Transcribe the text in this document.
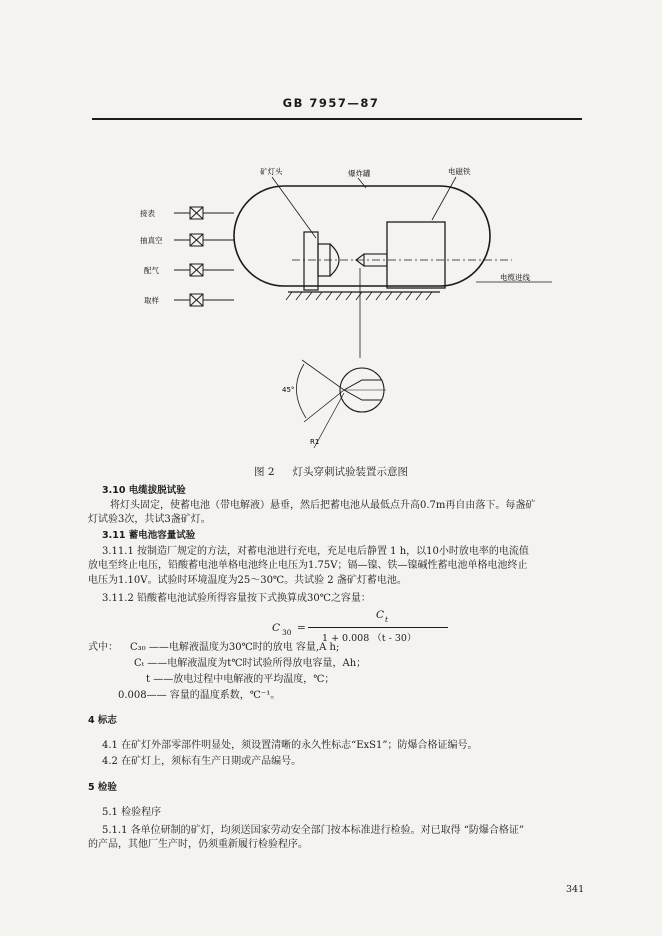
GB 7957—87
接表
抽真空
配气
取样
矿灯头	爆炸罐	电磁铁
电缆进线
45°
R1
图 2 灯头穿刺试验装置示意图
3.10 电缆拔脱试验
将灯头固定，使蓄电池（带电解液）悬垂，然后把蓄电池从最低点升高0.7m再自由落下。每盏矿
灯试验3次，共试3盏矿灯。
3.11 蓄电池容量试验
3.11.1 按制造厂规定的方法，对蓄电池进行充电，充足电后静置 1 h，以10小时放电率的电流值
放电至终止电压，铅酸蓄电池单格电池终止电压为1.75V；镉—镍、铁—镍碱性蓄电池单格电池终止
电压为1.10V。试验时环境温度为25～30℃。共试验 2 盏矿灯蓄电池。
3.11.2 铅酸蓄电池试验所得容量按下式换算成30℃之容量：
C 30 =
C t
1 + 0.008 （t - 30）
式中： C₃₀ ——电解液温度为30℃时的放电 容量,A h;
Cₜ ——电解液温度为t℃时试验所得放电容量，Ah；
t ——放电过程中电解液的平均温度，℃；
0.008—— 容量的温度系数，℃⁻¹。
4 标志
4.1 在矿灯外部零部件明显处，须设置清晰的永久性标志“ExS1”；防爆合格证编号。
4.2 在矿灯上，须标有生产日期或产品编号。
5 检验
5.1 检验程序
5.1.1 各单位研制的矿灯，均须送国家劳动安全部门按本标准进行检验。对已取得 “防爆合格证”
的产品，其他厂生产时，仍须重新履行检验程序。
341
